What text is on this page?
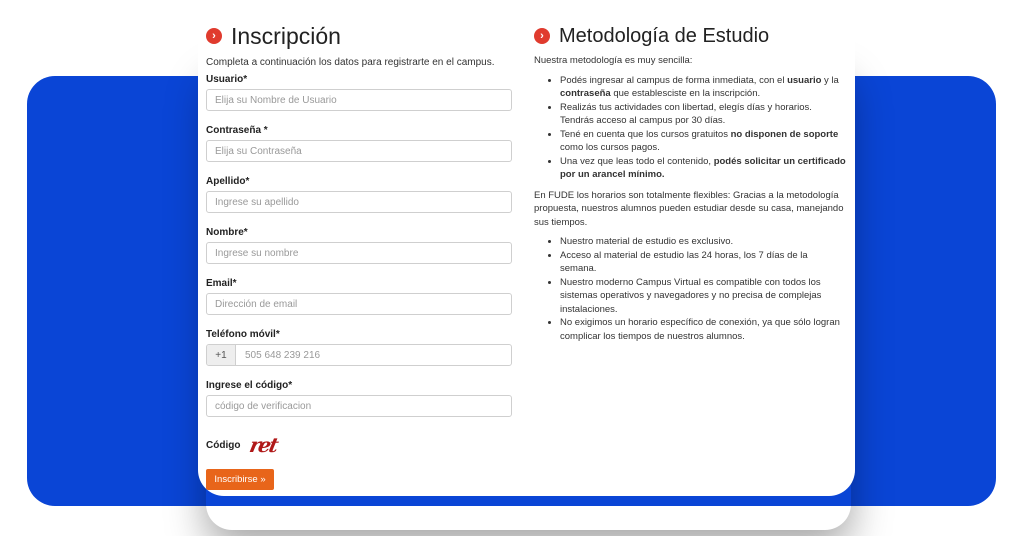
› Inscripción
Completa a continuación los datos para registrarte en el campus.
Usuario*
Elija su Nombre de Usuario
Contraseña *
Elija su Contraseña
Apellido*
Ingrese su apellido
Nombre*
Ingrese su nombre
Email*
Dirección de email
Teléfono móvil*
+1	505 648 239 216
Ingrese el código*
código de verificacion
Código ret
Inscribirse »
› Metodología de Estudio
Nuestra metodología es muy sencilla:
• Podés ingresar al campus de forma inmediata, con el usuario y la contraseña que establesciste en la inscripción.
• Realizás tus actividades con libertad, elegís días y horarios. Tendrás acceso al campus por 30 días.
• Tené en cuenta que los cursos gratuitos no disponen de soporte como los cursos pagos.
• Una vez que leas todo el contenido, podés solicitar un certificado por un arancel mínimo.
En FUDE los horarios son totalmente flexibles: Gracias a la metodología propuesta, nuestros alumnos pueden estudiar desde su casa, manejando sus tiempos.
• Nuestro material de estudio es exclusivo.
• Acceso al material de estudio las 24 horas, los 7 días de la semana.
• Nuestro moderno Campus Virtual es compatible con todos los sistemas operativos y navegadores y no precisa de complejas instalaciones.
• No exigimos un horario específico de conexión, ya que sólo logran complicar los tiempos de nuestros alumnos.
